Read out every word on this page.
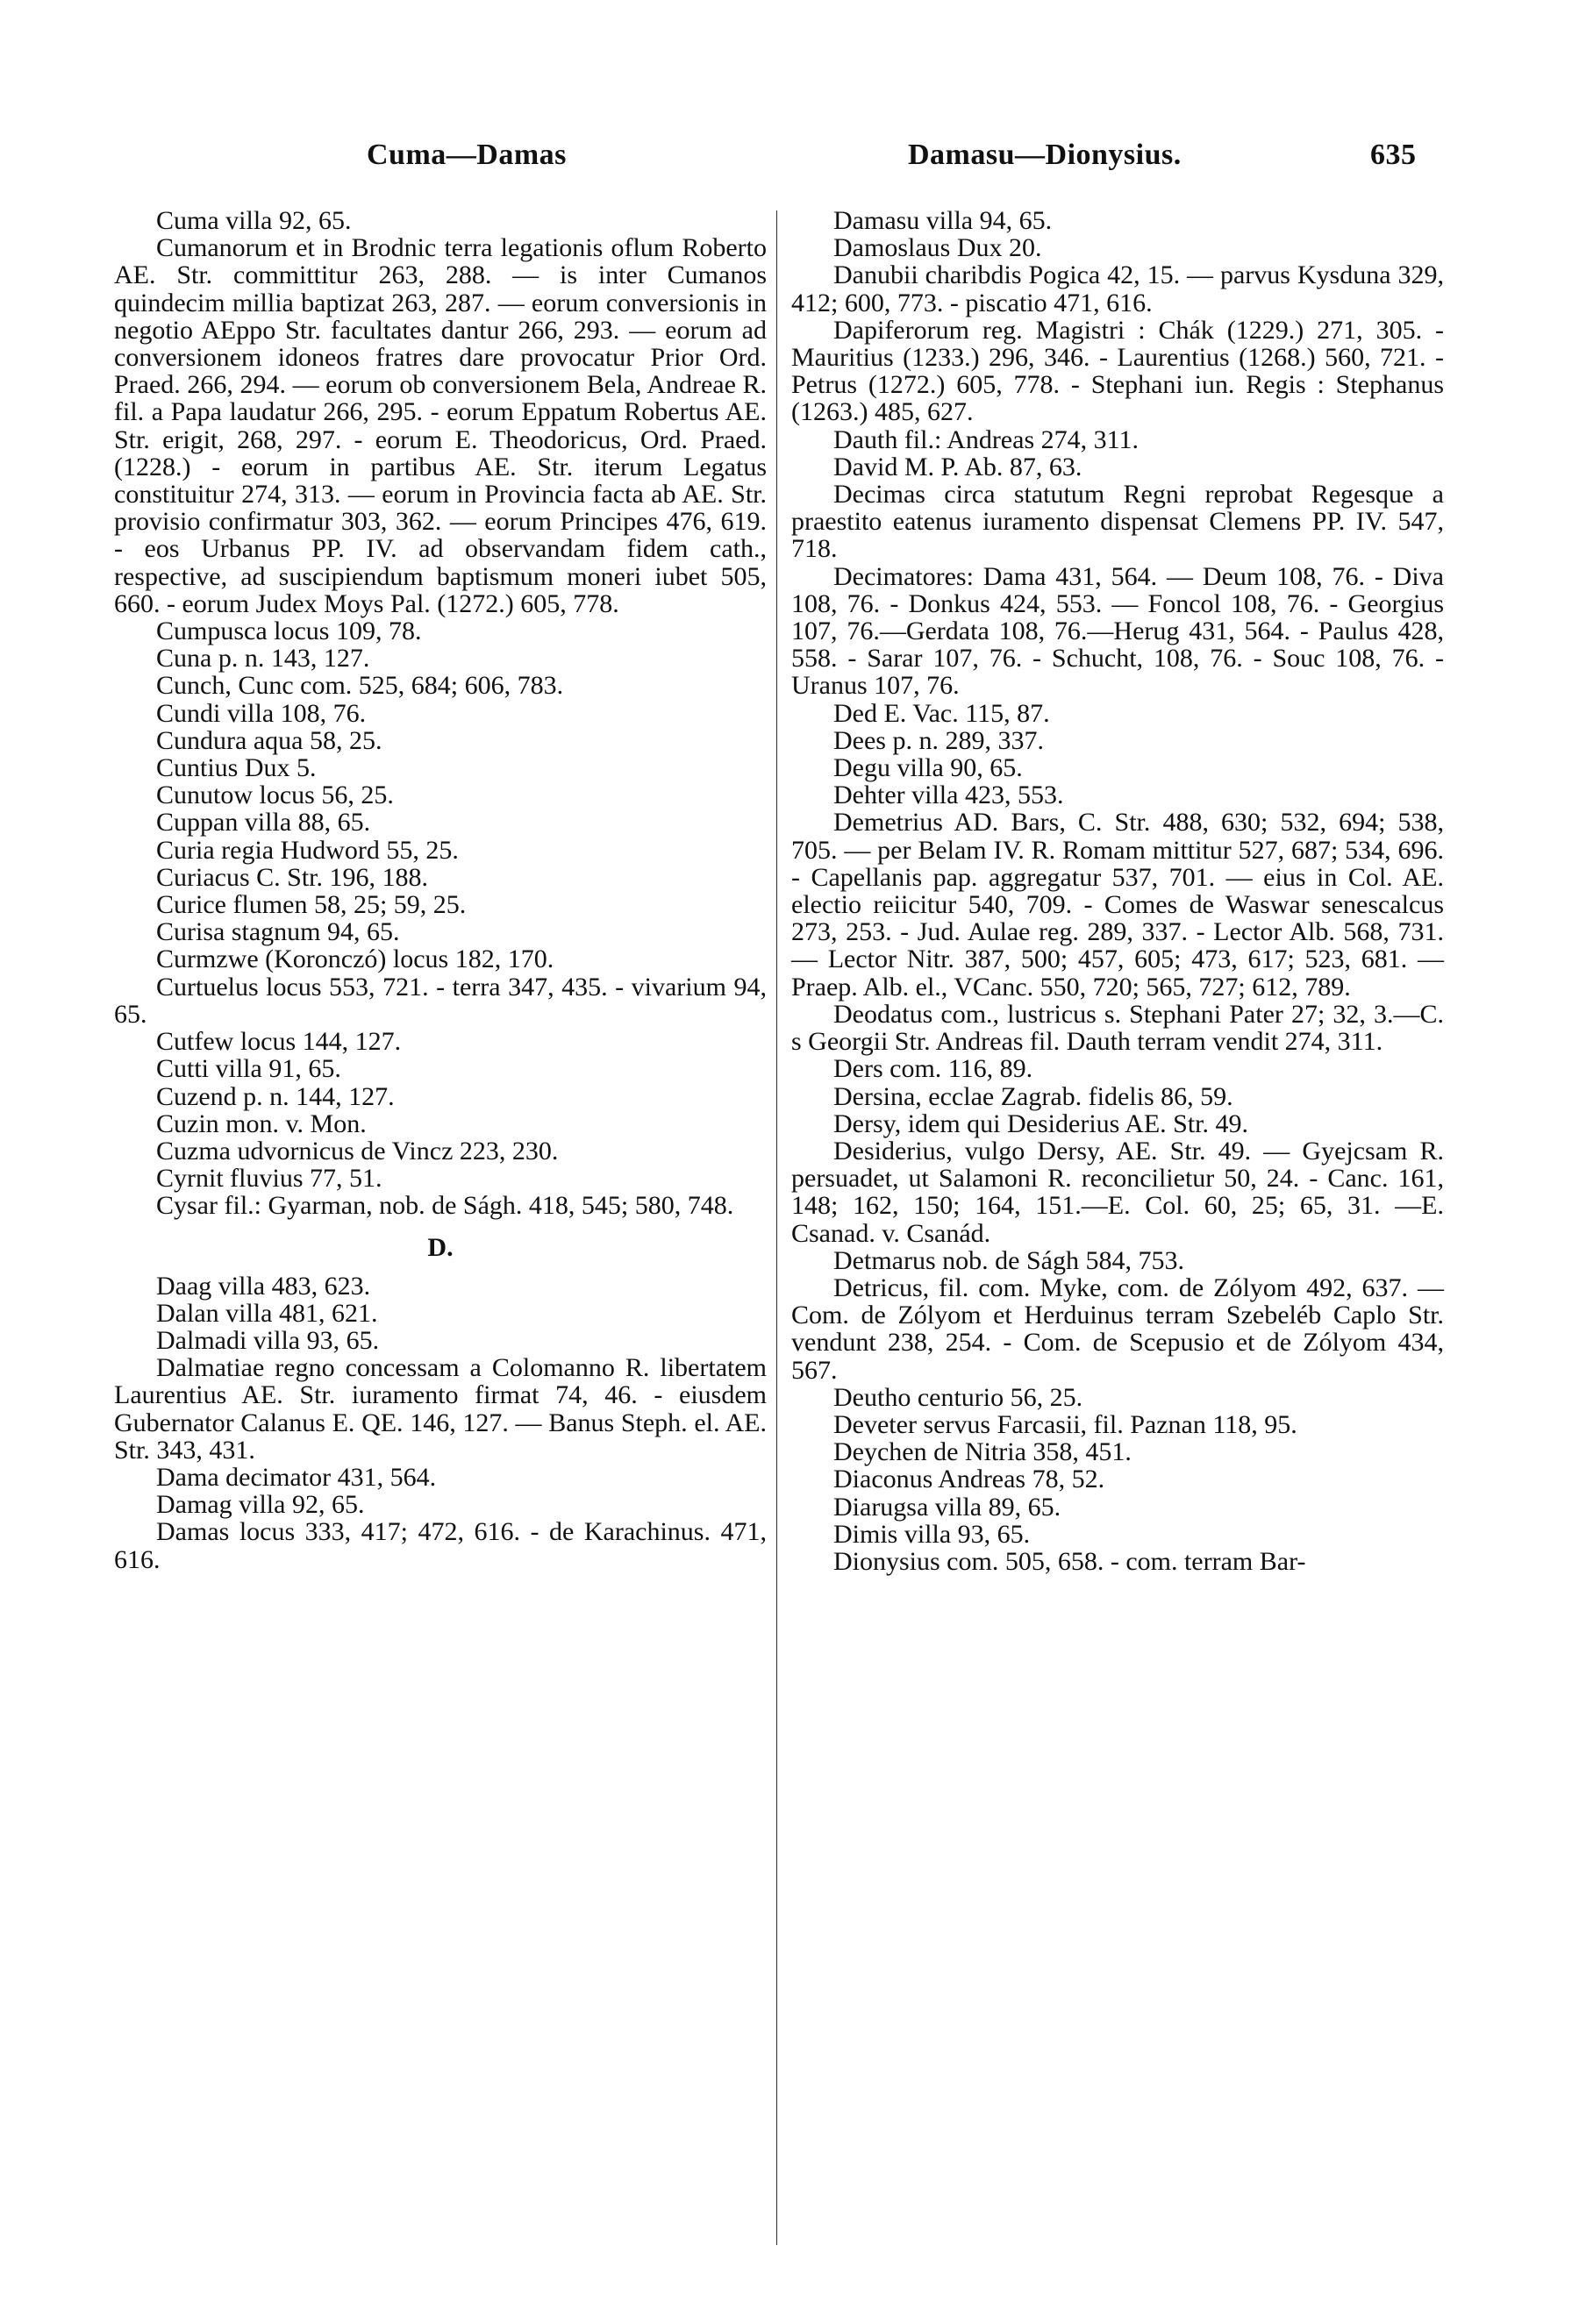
Cuma—Damas	Damasu—Dionysius.	635

Cuma villa 92, 65.

Cumanorum et in Brodnic terra legationis oflum Roberto AE. Str. committitur 263, 288. — is inter Cumanos quindecim millia baptizat 263, 287. — eorum conversionis in negotio AEppo Str. facultates dantur 266, 293. — eorum ad conversionem idoneos fratres dare provocatur Prior Ord. Praed. 266, 294. — eorum ob conversionem Bela, Andreae R. fil. a Papa laudatur 266, 295. - eorum Eppatum Robertus AE. Str. erigit, 268, 297. - eorum E. Theodoricus, Ord. Praed. (1228.) - eorum in partibus AE. Str. iterum Legatus constituitur 274, 313. — eorum in Provincia facta ab AE. Str. provisio confirmatur 303, 362. — eorum Principes 476, 619. - eos Urbanus PP. IV. ad observandam fidem cath., respective, ad suscipiendum baptismum moneri iubet 505, 660. - eorum Judex Moys Pal. (1272.) 605, 778.

Cumpusca locus 109, 78.

Cuna p. n. 143, 127.

Cunch, Cunc com. 525, 684; 606, 783.

Cundi villa 108, 76.

Cundura aqua 58, 25.

Cuntius Dux 5.

Cunutow locus 56, 25.

Cuppan villa 88, 65.

Curia regia Hudword 55, 25.

Curiacus C. Str. 196, 188.

Curice flumen 58, 25; 59, 25.

Curisa stagnum 94, 65.

Curmzwe (Koronczó) locus 182, 170.

Curtuelus locus 553, 721. - terra 347, 435. - vivarium 94, 65.

Cutfew locus 144, 127.

Cutti villa 91, 65.

Cuzend p. n. 144, 127.

Cuzin mon. v. Mon.

Cuzma udvornicus de Vincz 223, 230.

Cyrnit fluvius 77, 51.

Cysar fil.: Gyarman, nob. de Ságh. 418, 545; 580, 748.

D.

Daag villa 483, 623.

Dalan villa 481, 621.

Dalmadi villa 93, 65.

Dalmatiae regno concessam a Colomanno R. libertatem Laurentius AE. Str. iuramento firmat 74, 46. - eiusdem Gubernator Calanus E. QE. 146, 127. — Banus Steph. el. AE. Str. 343, 431.

Dama decimator 431, 564.

Damag villa 92, 65.

Damas locus 333, 417; 472, 616. - de Karachinus. 471, 616.

Damasu villa 94, 65.

Damoslaus Dux 20.

Danubii charibdis Pogica 42, 15. — parvus Kysduna 329, 412; 600, 773. - piscatio 471, 616.

Dapiferorum reg. Magistri : Chák (1229.) 271, 305. - Mauritius (1233.) 296, 346. - Laurentius (1268.) 560, 721. - Petrus (1272.) 605, 778. - Stephani iun. Regis : Stephanus (1263.) 485, 627.

Dauth fil.: Andreas 274, 311.

David M. P. Ab. 87, 63.

Decimas circa statutum Regni reprobat Regesque a praestito eatenus iuramento dispensat Clemens PP. IV. 547, 718.

Decimatores: Dama 431, 564. — Deum 108, 76. - Diva 108, 76. - Donkus 424, 553. — Foncol 108, 76. - Georgius 107, 76.—Gerdata 108, 76.—Herug 431, 564. - Paulus 428, 558. - Sarar 107, 76. - Schucht, 108, 76. - Souc 108, 76. - Uranus 107, 76.

Ded E. Vac. 115, 87.

Dees p. n. 289, 337.

Degu villa 90, 65.

Dehter villa 423, 553.

Demetrius AD. Bars, C. Str. 488, 630; 532, 694; 538, 705. — per Belam IV. R. Romam mittitur 527, 687; 534, 696. - Capellanis pap. aggregatur 537, 701. — eius in Col. AE. electio reiicitur 540, 709. - Comes de Waswar senescalcus 273, 253. - Jud. Aulae reg. 289, 337. - Lector Alb. 568, 731. — Lector Nitr. 387, 500; 457, 605; 473, 617; 523, 681. — Praep. Alb. el., VCanc. 550, 720; 565, 727; 612, 789.

Deodatus com., lustricus s. Stephani Pater 27; 32, 3.—C. s Georgii Str. Andreas fil. Dauth terram vendit 274, 311.

Ders com. 116, 89.

Dersina, ecclae Zagrab. fidelis 86, 59.

Dersy, idem qui Desiderius AE. Str. 49.

Desiderius, vulgo Dersy, AE. Str. 49. — Gyejcsam R. persuadet, ut Salamoni R. reconcilietur 50, 24. - Canc. 161, 148; 162, 150; 164, 151.—E. Col. 60, 25; 65, 31. —E. Csanad. v. Csanád.

Detmarus nob. de Ságh 584, 753.

Detricus, fil. com. Myke, com. de Zólyom 492, 637. — Com. de Zólyom et Herduinus terram Szebeléb Caplo Str. vendunt 238, 254. - Com. de Scepusio et de Zólyom 434, 567.

Deutho centurio 56, 25.

Deveter servus Farcasii, fil. Paznan 118, 95.

Deychen de Nitria 358, 451.

Diaconus Andreas 78, 52.

Diarugsa villa 89, 65.

Dimis villa 93, 65.

Dionysius com. 505, 658. - com. terram Bar-
